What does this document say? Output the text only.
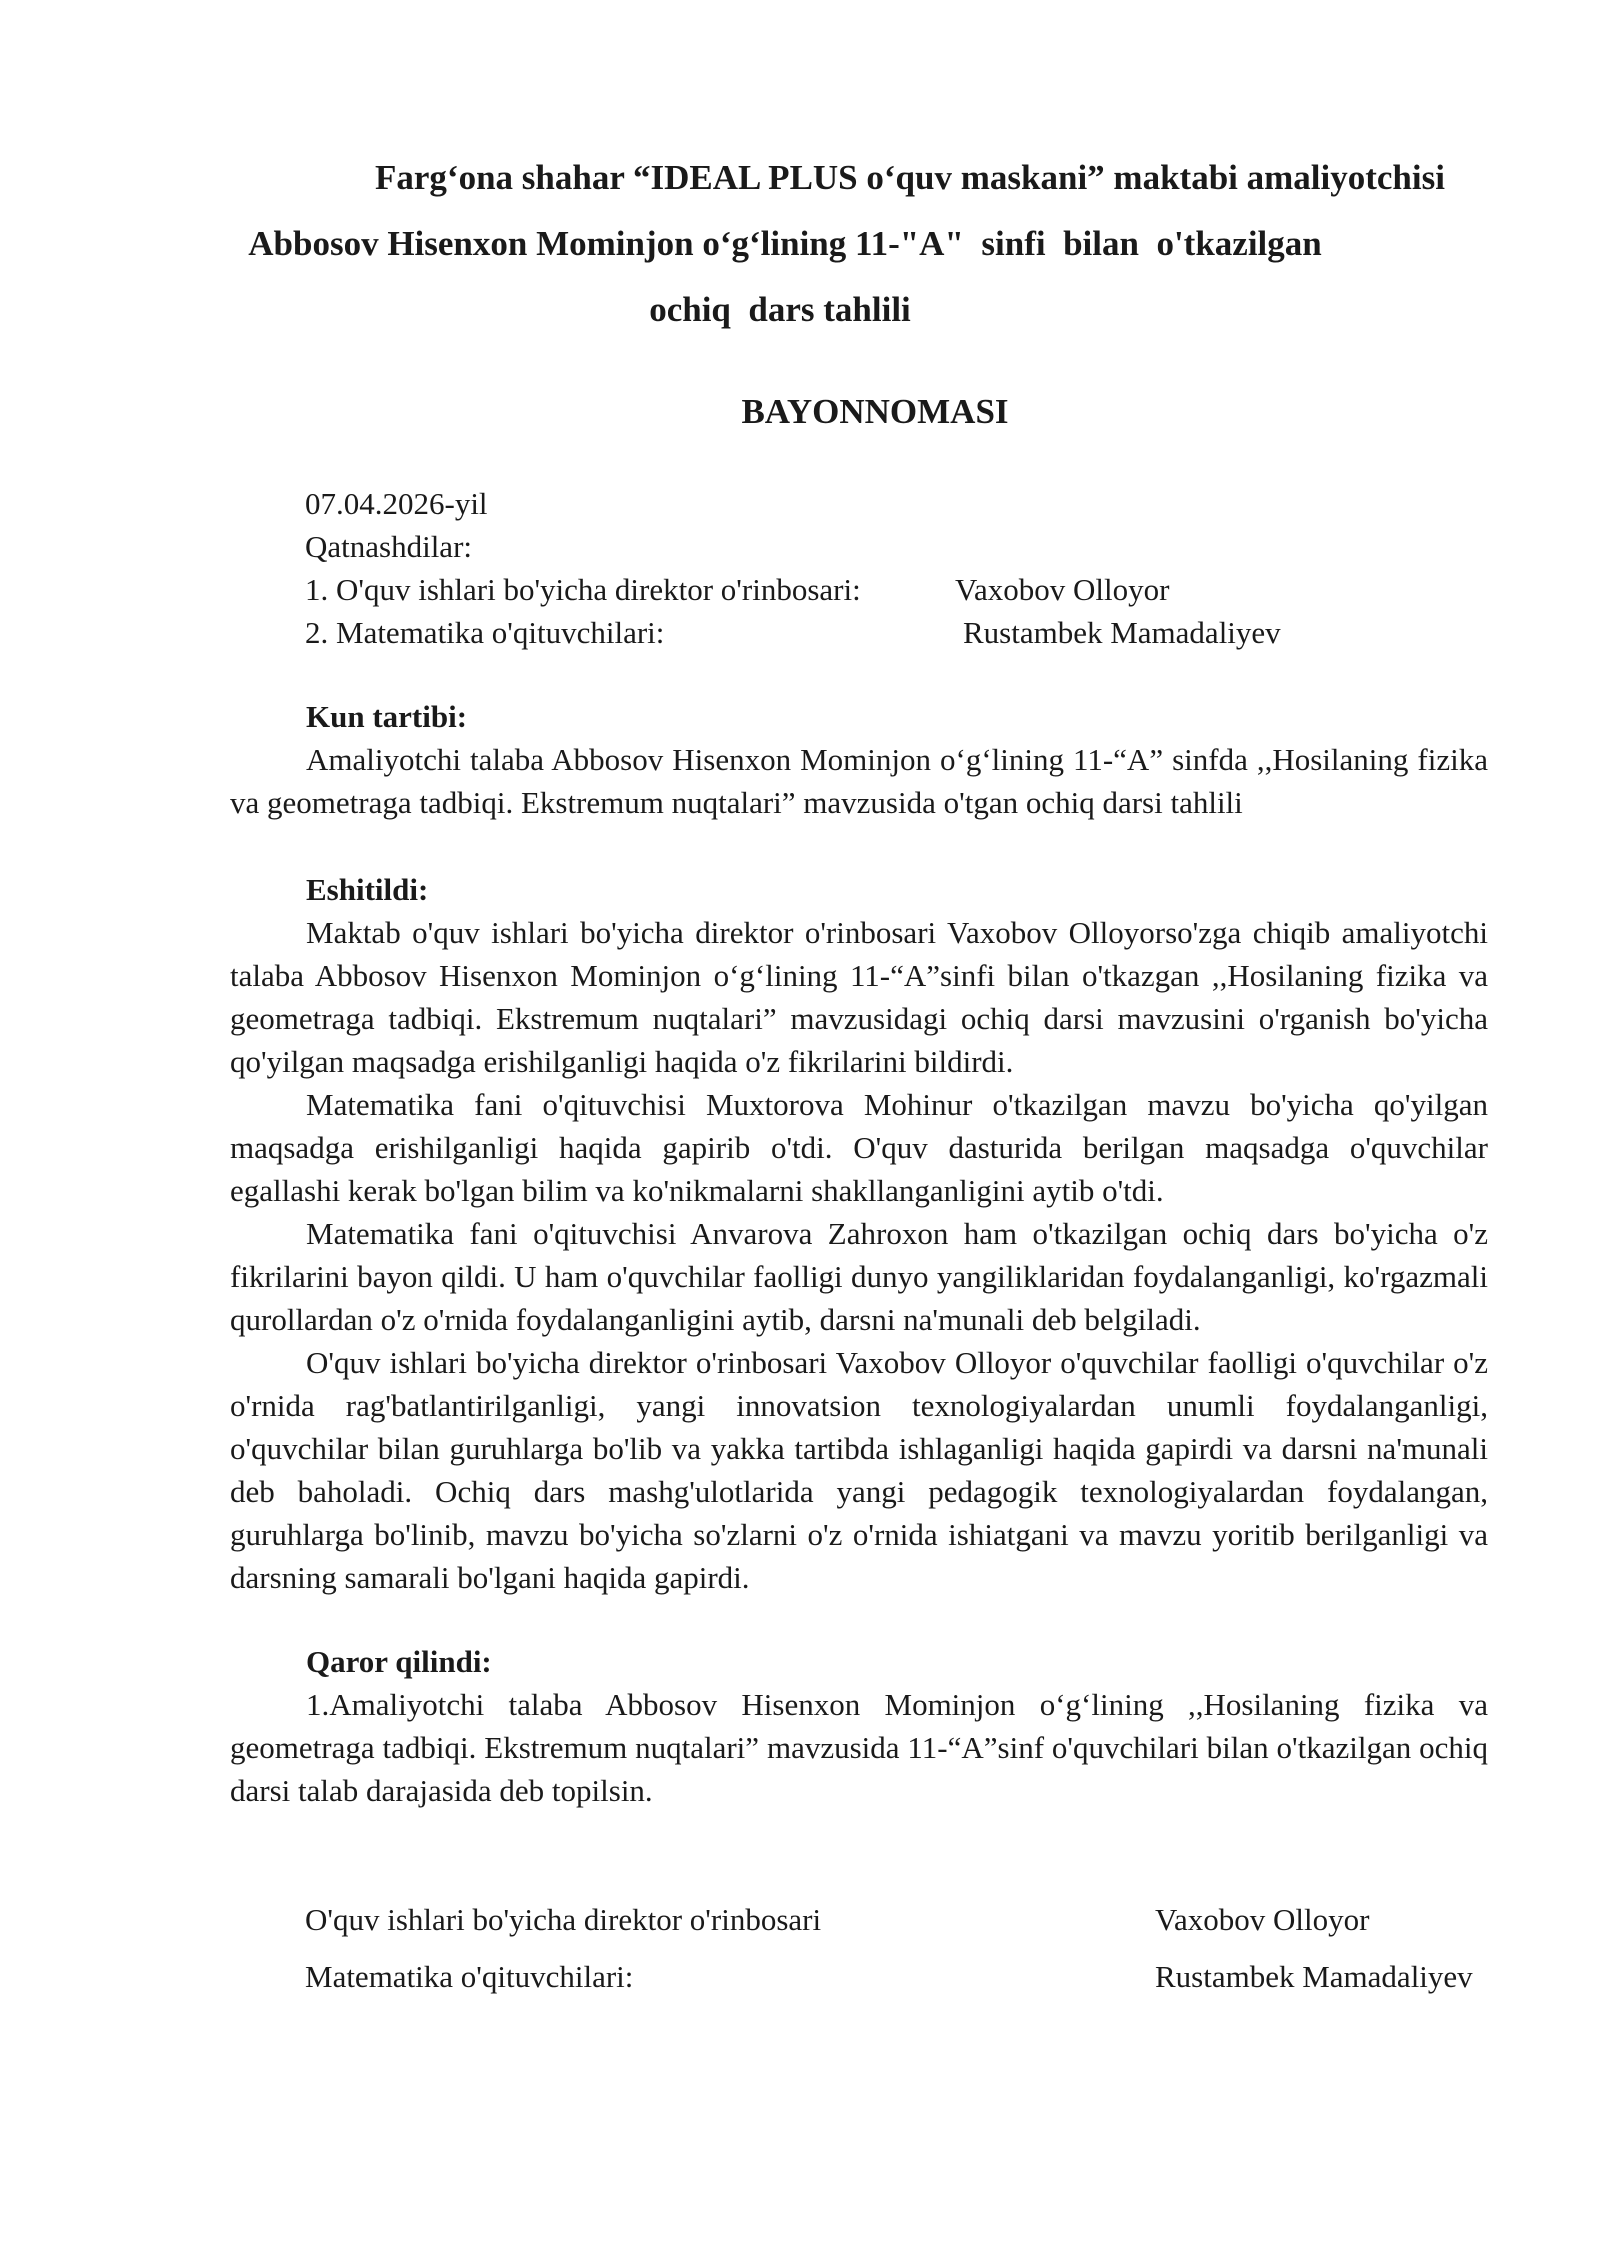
Farg‘ona shahar “IDEAL PLUS o‘quv maskani” maktabi amaliyotchisi
Abbosov Hisenxon Mominjon o‘g‘lining 11-"A"  sinfi  bilan  o'tkazilgan
ochiq  dars tahlili
BAYONNOMASI
07.04.2026-yil
Qatnashdilar:
1. O'quv ishlari bo'yicha direktor o'rinbosari:	Vaxobov Olloyor
2. Matematika o'qituvchilari:	Rustambek Mamadaliyev
Kun tartibi:

Amaliyotchi talaba Abbosov Hisenxon Mominjon o‘g‘lining 11-“A” sinfda ,,Hosilaning fizika va geometraga tadbiqi. Ekstremum nuqtalari” mavzusida o'tgan ochiq darsi tahlili

Eshitildi:

Maktab o'quv ishlari bo'yicha direktor o'rinbosari Vaxobov Olloyorso'zga chiqib amaliyotchi talaba Abbosov Hisenxon Mominjon o‘g‘lining 11-“A”sinfi bilan o'tkazgan ,,Hosilaning fizika va geometraga tadbiqi. Ekstremum nuqtalari” mavzusidagi ochiq darsi mavzusini o'rganish bo'yicha qo'yilgan maqsadga erishilganligi haqida o'z fikrilarini bildirdi.

Matematika fani o'qituvchisi Muxtorova Mohinur o'tkazilgan mavzu bo'yicha qo'yilgan maqsadga erishilganligi haqida gapirib o'tdi. O'quv dasturida berilgan maqsadga o'quvchilar egallashi kerak bo'lgan bilim va ko'nikmalarni shakllanganligini aytib o'tdi.

Matematika fani o'qituvchisi Anvarova Zahroxon ham o'tkazilgan ochiq dars bo'yicha o'z fikrilarini bayon qildi. U ham o'quvchilar faolligi dunyo yangiliklaridan foydalanganligi, ko'rgazmali qurollardan o'z o'rnida foydalanganligini aytib, darsni na'munali deb belgiladi.

O'quv ishlari bo'yicha direktor o'rinbosari Vaxobov Olloyor o'quvchilar faolligi o'quvchilar o'z o'rnida rag'batlantirilganligi, yangi innovatsion texnologiyalardan unumli foydalanganligi, o'quvchilar bilan guruhlarga bo'lib va yakka tartibda ishlaganligi haqida gapirdi va darsni na'munali deb baholadi. Ochiq dars mashg'ulotlarida yangi pedagogik texnologiyalardan foydalangan, guruhlarga bo'linib, mavzu bo'yicha so'zlarni o'z o'rnida ishiatgani va mavzu yoritib berilganligi va darsning samarali bo'lgani haqida gapirdi.

Qaror qilindi:

1.Amaliyotchi talaba Abbosov Hisenxon Mominjon o‘g‘lining ,,Hosilaning fizika va geometraga tadbiqi. Ekstremum nuqtalari” mavzusida 11-“A”sinf o'quvchilari bilan o'tkazilgan ochiq darsi talab darajasida deb topilsin.

O'quv ishlari bo'yicha direktor o'rinbosari	Vaxobov Olloyor
Matematika o'qituvchilari:	Rustambek Mamadaliyev
